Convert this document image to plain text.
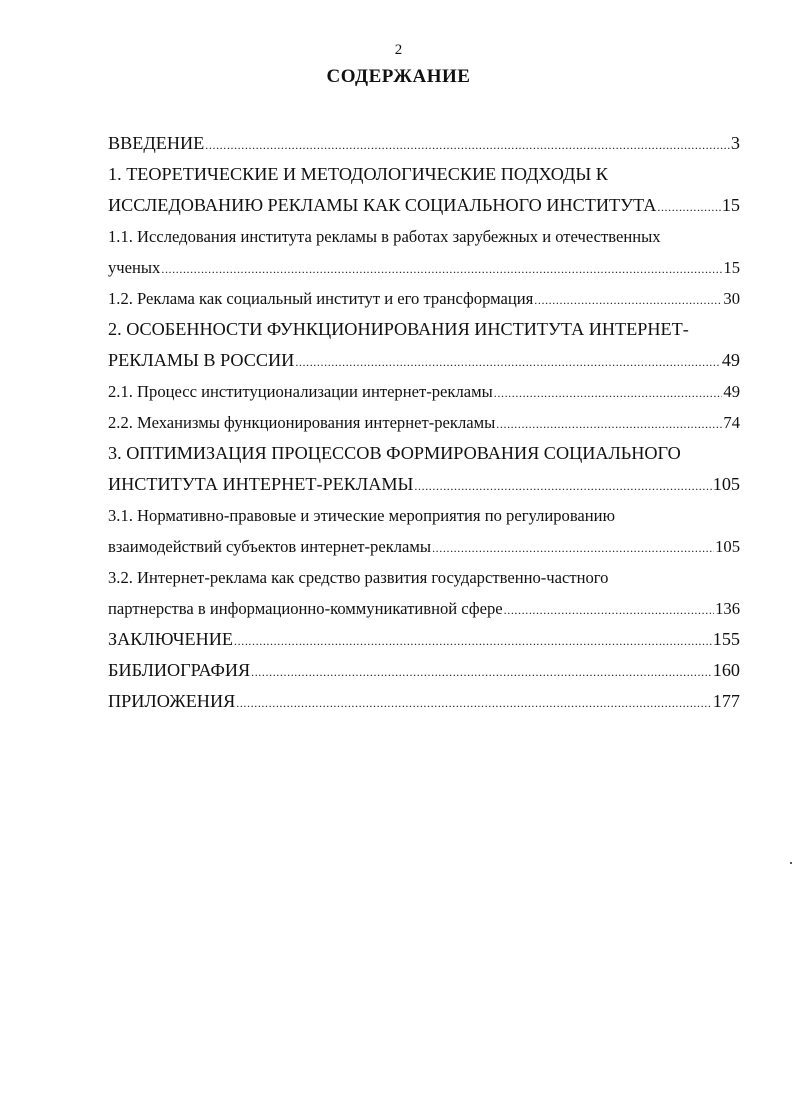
2
СОДЕРЖАНИЕ
ВВЕДЕНИЕ .....	3
1. ТЕОРЕТИЧЕСКИЕ И МЕТОДОЛОГИЧЕСКИЕ ПОДХОДЫ К
ИССЛЕДОВАНИЮ РЕКЛАМЫ КАК СОЦИАЛЬНОГО ИНСТИТУТА .....	15
1.1. Исследования института рекламы в работах зарубежных и отечественных
ученых .....	15
1.2. Реклама как социальный институт и его трансформация .....	30
2. ОСОБЕННОСТИ ФУНКЦИОНИРОВАНИЯ ИНСТИТУТА ИНТЕРНЕТ-
РЕКЛАМЫ В РОССИИ .....	49
2.1. Процесс институционализации интернет-рекламы .....	49
2.2. Механизмы функционирования интернет-рекламы .....	74
3. ОПТИМИЗАЦИЯ ПРОЦЕССОВ ФОРМИРОВАНИЯ СОЦИАЛЬНОГО
ИНСТИТУТА ИНТЕРНЕТ-РЕКЛАМЫ .....	105
3.1. Нормативно-правовые и этические мероприятия по регулированию
взаимодействий субъектов интернет-рекламы .....	105
3.2. Интернет-реклама как средство развития государственно-частного
партнерства в информационно-коммуникативной сфере .....	136
ЗАКЛЮЧЕНИЕ .....	155
БИБЛИОГРАФИЯ .....	160
ПРИЛОЖЕНИЯ .....	177
